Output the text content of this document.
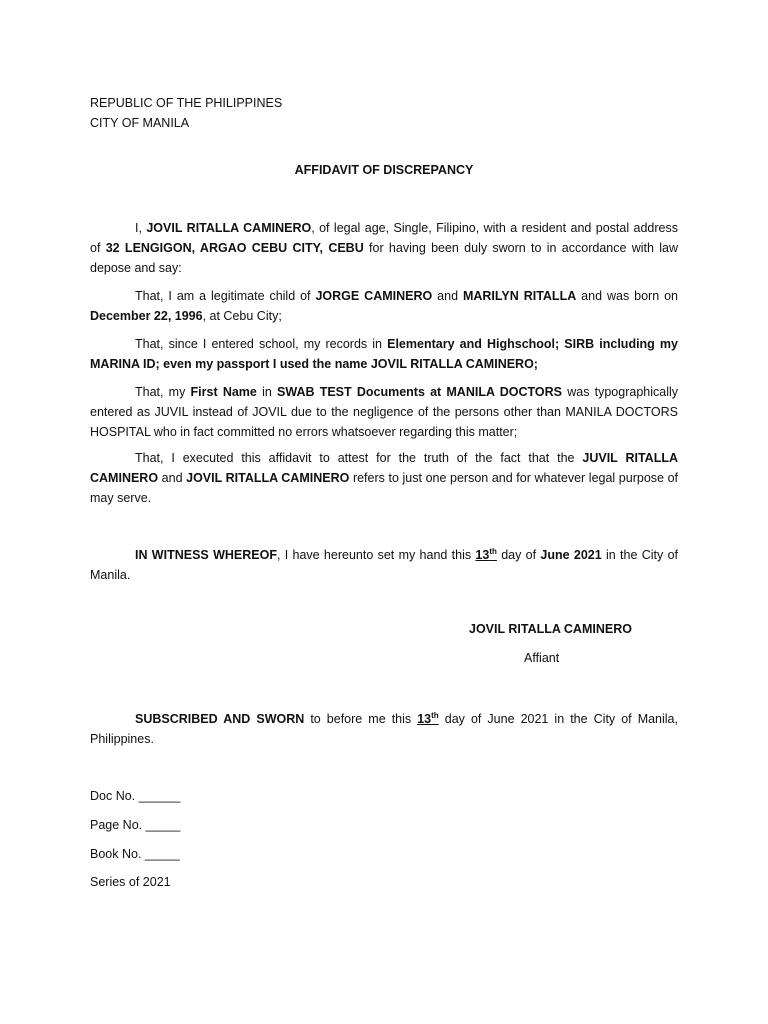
REPUBLIC OF THE PHILIPPINES
CITY OF MANILA
AFFIDAVIT OF DISCREPANCY

I, JOVIL RITALLA CAMINERO, of legal age, Single, Filipino, with a resident and postal address of 32 LENGIGON, ARGAO CEBU CITY, CEBU for having been duly sworn to in accordance with law depose and say:

That, I am a legitimate child of JORGE CAMINERO and MARILYN RITALLA and was born on December 22, 1996, at Cebu City;

That, since I entered school, my records in Elementary and Highschool; SIRB including my MARINA ID; even my passport I used the name JOVIL RITALLA CAMINERO;

That, my First Name in SWAB TEST Documents at MANILA DOCTORS was typographically entered as JUVIL instead of JOVIL due to the negligence of the persons other than MANILA DOCTORS HOSPITAL who in fact committed no errors whatsoever regarding this matter;

That, I executed this affidavit to attest for the truth of the fact that the JUVIL RITALLA CAMINERO and JOVIL RITALLA CAMINERO refers to just one person and for whatever legal purpose of may serve.

IN WITNESS WHEREOF, I have hereunto set my hand this 13th day of June 2021 in the City of Manila.

JOVIL RITALLA CAMINERO
Affiant

SUBSCRIBED AND SWORN to before me this 13th day of June 2021 in the City of Manila, Philippines.

Doc No. ______
Page No. _____
Book No. _____
Series of 2021
